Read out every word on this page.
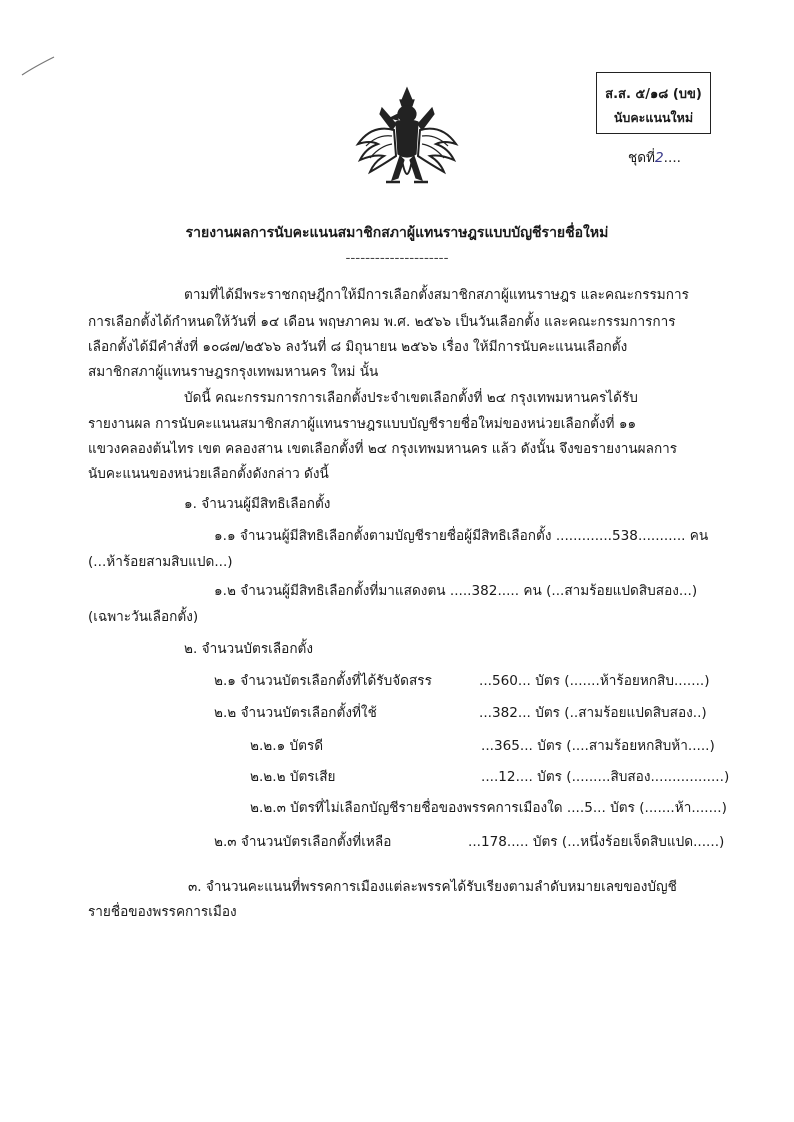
ส.ส. ๕/๑๘ (บข)
นับคะแนนใหม่
ชุดที่2....
รายงานผลการนับคะแนนสมาชิกสภาผู้แทนราษฎรแบบบัญชีรายชื่อใหม่
---------------------
ตามที่ได้มีพระราชกฤษฎีกาให้มีการเลือกตั้งสมาชิกสภาผู้แทนราษฎร และคณะกรรมการ
การเลือกตั้งได้กำหนดให้วันที่ ๑๔ เดือน พฤษภาคม พ.ศ. ๒๕๖๖ เป็นวันเลือกตั้ง และคณะกรรมการการ
เลือกตั้งได้มีคำสั่งที่ ๑๐๘๗/๒๕๖๖ ลงวันที่ ๘ มิถุนายน ๒๕๖๖ เรื่อง ให้มีการนับคะแนนเลือกตั้ง
สมาชิกสภาผู้แทนราษฎรกรุงเทพมหานคร ใหม่ นั้น
บัดนี้ คณะกรรมการการเลือกตั้งประจำเขตเลือกตั้งที่ ๒๔ กรุงเทพมหานครได้รับ
รายงานผล การนับคะแนนสมาชิกสภาผู้แทนราษฎรแบบบัญชีรายชื่อใหม่ของหน่วยเลือกตั้งที่ ๑๑
แขวงคลองต้นไทร เขต คลองสาน เขตเลือกตั้งที่ ๒๔ กรุงเทพมหานคร แล้ว ดังนั้น จึงขอรายงานผลการ
นับคะแนนของหน่วยเลือกตั้งดังกล่าว ดังนี้
๑. จำนวนผู้มีสิทธิเลือกตั้ง
๑.๑ จำนวนผู้มีสิทธิเลือกตั้งตามบัญชีรายชื่อผู้มีสิทธิเลือกตั้ง .............538........... คน
(...ห้าร้อยสามสิบแปด...)
๑.๒ จำนวนผู้มีสิทธิเลือกตั้งที่มาแสดงตน .....382..... คน (...สามร้อยแปดสิบสอง...)
(เฉพาะวันเลือกตั้ง)
๒. จำนวนบัตรเลือกตั้ง
๒.๑ จำนวนบัตรเลือกตั้งที่ได้รับจัดสรร	...560... บัตร (.......ห้าร้อยหกสิบ.......)
๒.๒ จำนวนบัตรเลือกตั้งที่ใช้	...382... บัตร (..สามร้อยแปดสิบสอง..)
๒.๒.๑ บัตรดี	...365... บัตร (....สามร้อยหกสิบห้า.....)
๒.๒.๒ บัตรเสีย	....12.... บัตร (.........สิบสอง.................)
๒.๒.๓ บัตรที่ไม่เลือกบัญชีรายชื่อของพรรคการเมืองใด ....5... บัตร (.......ห้า.......)
๒.๓ จำนวนบัตรเลือกตั้งที่เหลือ	...178..... บัตร (...หนึ่งร้อยเจ็ดสิบแปด......)
๓. จำนวนคะแนนที่พรรคการเมืองแต่ละพรรคได้รับเรียงตามลำดับหมายเลขของบัญชี
รายชื่อของพรรคการเมือง
